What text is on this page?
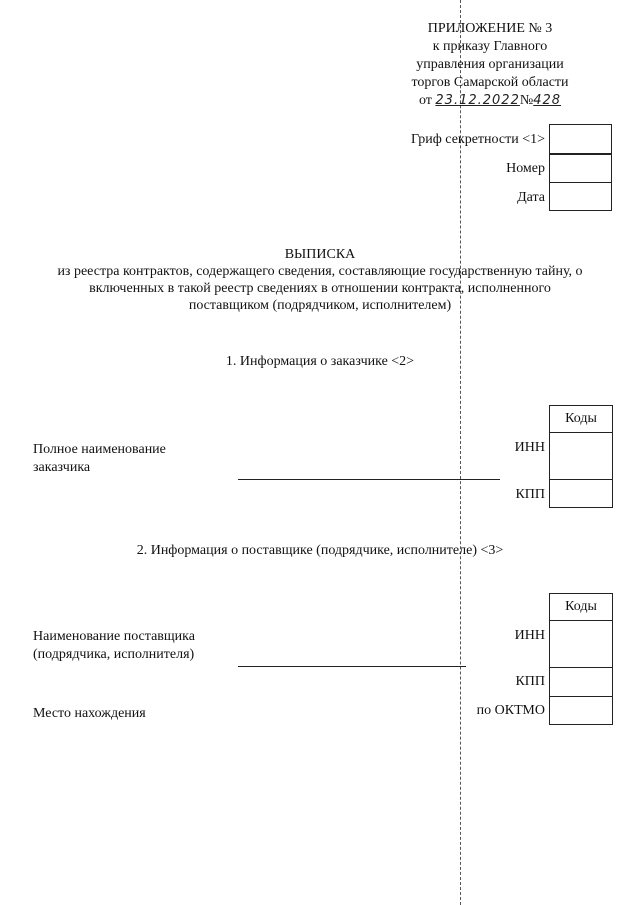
ПРИЛОЖЕНИЕ № 3
к приказу Главного
управления организации
торгов Самарской области
от 23.12.2022№428
Гриф секретности <1>
Номер
Дата
ВЫПИСКА
из реестра контрактов, содержащего сведения, составляющие государственную тайну, о
включенных в такой реестр сведениях в отношении контракта, исполненного
поставщиком (подрядчиком, исполнителем)
1. Информация о заказчике <2>
Коды
Полное наименование
заказчика
ИНН
КПП
2. Информация о поставщике (подрядчике, исполнителе) <3>
Коды
Наименование поставщика
(подрядчика, исполнителя)
Место нахождения
ИНН
КПП
по ОКТМО
